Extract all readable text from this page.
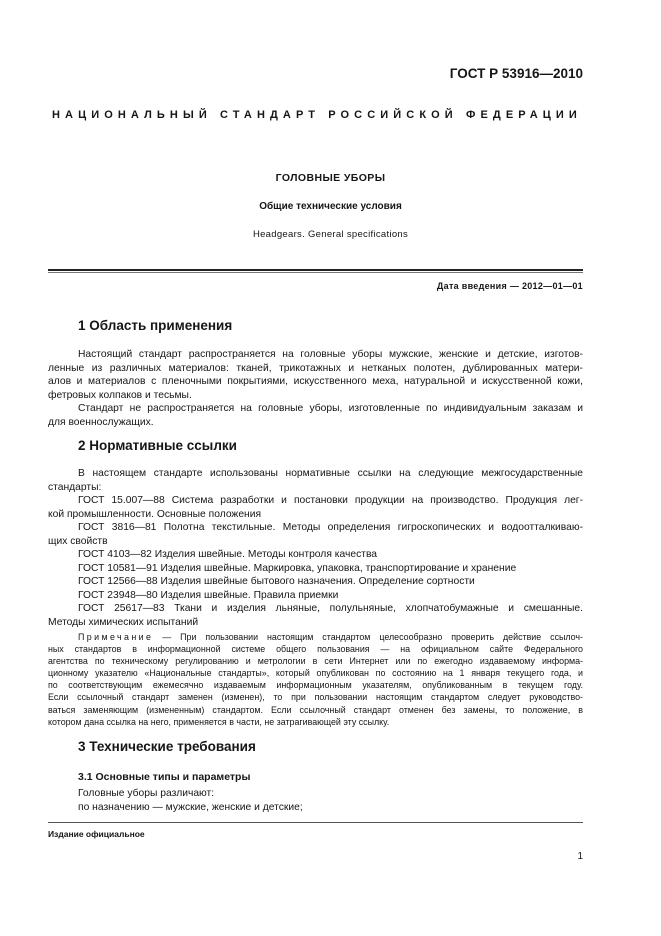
ГОСТ Р 53916—2010
НАЦИОНАЛЬНЫЙ СТАНДАРТ РОССИЙСКОЙ ФЕДЕРАЦИИ
ГОЛОВНЫЕ УБОРЫ
Общие технические условия
Headgears. General specifications
Дата введения — 2012—01—01
1 Область применения
Настоящий стандарт распространяется на головные уборы мужские, женские и детские, изготов-
ленные из различных материалов: тканей, трикотажных и нетканых полотен, дублированных матери-
алов и материалов с пленочными покрытиями, искусственного меха, натуральной и искусственной кожи,
фетровых колпаков и тесьмы.
Стандарт не распространяется на головные уборы, изготовленные по индивидуальным заказам и
для военнослужащих.
2 Нормативные ссылки
В настоящем стандарте использованы нормативные ссылки на следующие межгосударственные
стандарты:
ГОСТ 15.007—88 Система разработки и постановки продукции на производство. Продукция лег-
кой промышленности. Основные положения
ГОСТ 3816—81 Полотна текстильные. Методы определения гигроскопических и водоотталкиваю-
щих свойств
ГОСТ 4103—82 Изделия швейные. Методы контроля качества
ГОСТ 10581—91 Изделия швейные. Маркировка, упаковка, транспортирование и хранение
ГОСТ 12566—88 Изделия швейные бытового назначения. Определение сортности
ГОСТ 23948—80 Изделия швейные. Правила приемки
ГОСТ 25617—83 Ткани и изделия льняные, полульняные, хлопчатобумажные и смешанные.
Методы химических испытаний
Примечание — При пользовании настоящим стандартом целесообразно проверить действие ссылоч-
ных стандартов в информационной системе общего пользования — на официальном сайте Федерального
агентства по техническому регулированию и метрологии в сети Интернет или по ежегодно издаваемому информа-
ционному указателю «Национальные стандарты», который опубликован по состоянию на 1 января текущего года, и
по соответствующим ежемесячно издаваемым информационным указателям, опубликованным в текущем году.
Если ссылочный стандарт заменен (изменен), то при пользовании настоящим стандартом следует руководство-
ваться заменяющим (измененным) стандартом. Если ссылочный стандарт отменен без замены, то положение, в
котором дана ссылка на него, применяется в части, не затрагивающей эту ссылку.
3 Технические требования
3.1 Основные типы и параметры
Головные уборы различают:
по назначению — мужские, женские и детские;
Издание официальное
1
